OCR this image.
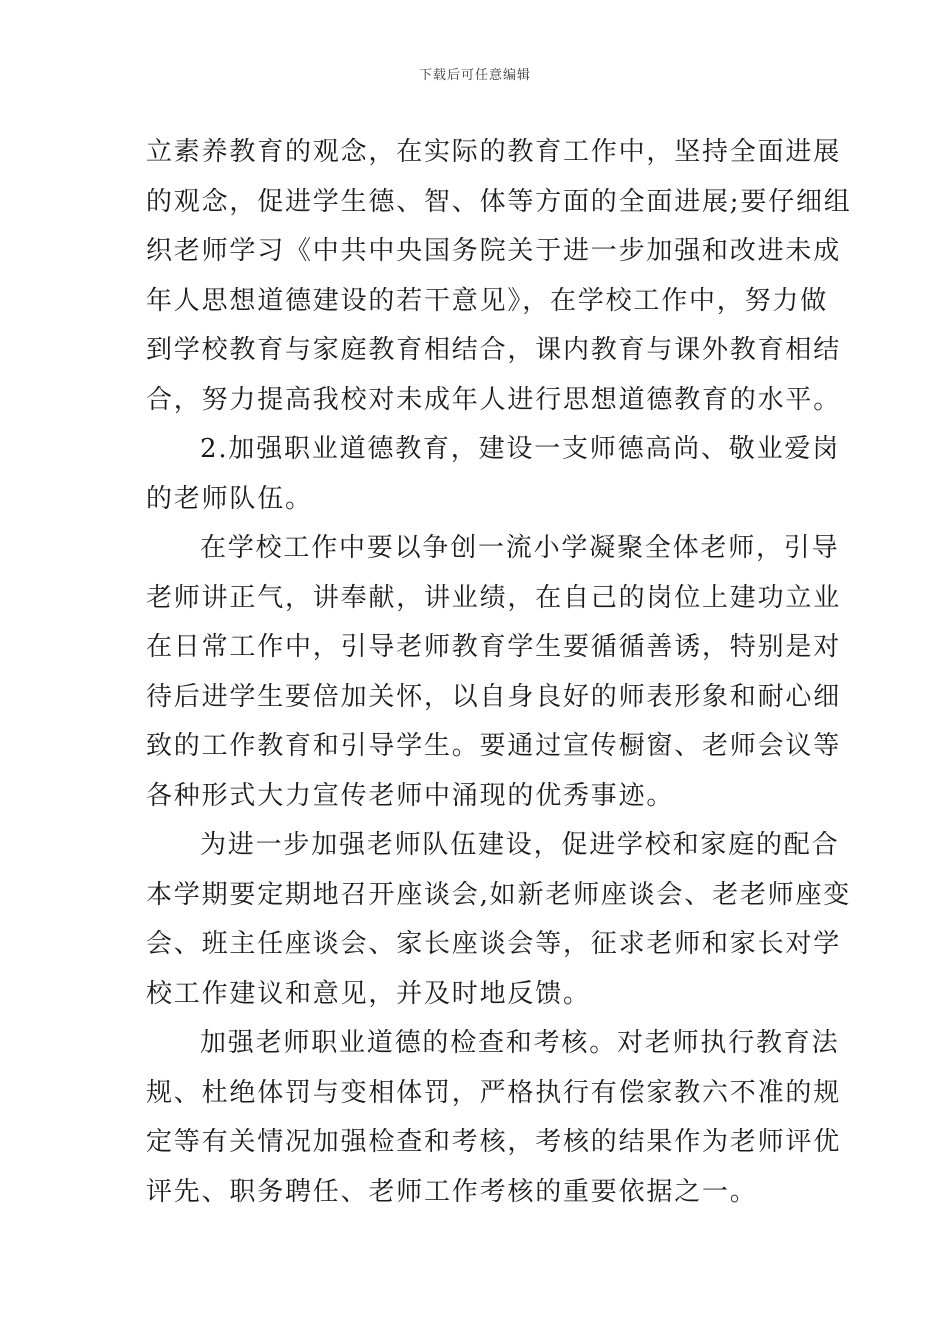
下载后可任意编辑
立素养教育的观念，在实际的教育工作中，坚持全面进展
的观念，促进学生德、智、体等方面的全面进展;要仔细组
织老师学习《中共中央国务院关于进一步加强和改进未成
年人思想道德建设的若干意见》，在学校工作中，努力做
到学校教育与家庭教育相结合，课内教育与课外教育相结
合，努力提高我校对未成年人进行思想道德教育的水平。
2.加强职业道德教育，建设一支师德高尚、敬业爱岗
的老师队伍。
在学校工作中要以争创一流小学凝聚全体老师，引导
老师讲正气，讲奉献，讲业绩，在自己的岗位上建功立业
在日常工作中，引导老师教育学生要循循善诱，特别是对
待后进学生要倍加关怀，以自身良好的师表形象和耐心细
致的工作教育和引导学生。要通过宣传橱窗、老师会议等
各种形式大力宣传老师中涌现的优秀事迹。
为进一步加强老师队伍建设，促进学校和家庭的配合
本学期要定期地召开座谈会,如新老师座谈会、老老师座变
会、班主任座谈会、家长座谈会等，征求老师和家长对学
校工作建议和意见，并及时地反馈。
加强老师职业道德的检查和考核。对老师执行教育法
规、杜绝体罚与变相体罚，严格执行有偿家教六不准的规
定等有关情况加强检查和考核，考核的结果作为老师评优
评先、职务聘任、老师工作考核的重要依据之一。
